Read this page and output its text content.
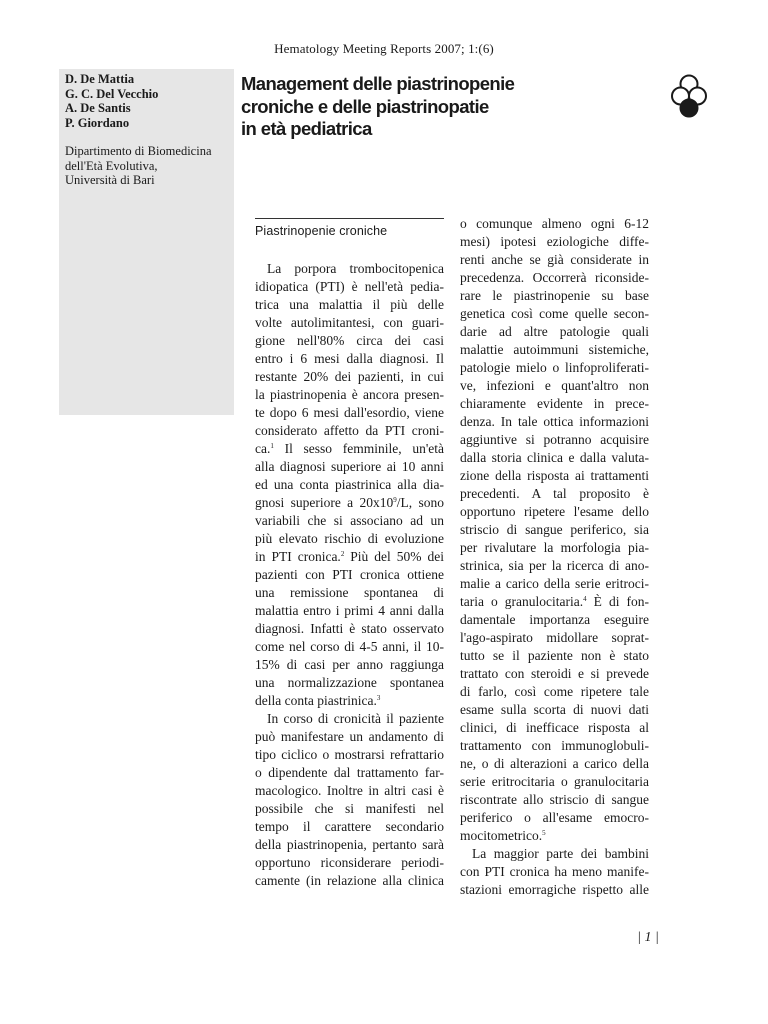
Hematology Meeting Reports 2007; 1:(6)
D. De Mattia
G. C. Del Vecchio
A. De Santis
P. Giordano
Dipartimento di Biomedicina
dell'Età Evolutiva,
Università di Bari
Management delle piastrinopenie
croniche e delle piastrinopatie
in età pediatrica
Piastrinopenie croniche
La porpora trombocitopenica
idiopatica (PTI) è nell'età pedia-
trica una malattia il più delle
volte autolimitantesi, con guari-
gione nell'80% circa dei casi
entro i 6 mesi dalla diagnosi. Il
restante 20% dei pazienti, in cui
la piastrinopenia è ancora presen-
te dopo 6 mesi dall'esordio, viene
considerato affetto da PTI croni-
ca.$^1$ Il sesso femminile, un'età
alla diagnosi superiore ai 10 anni
ed una conta piastrinica alla dia-
gnosi superiore a $20x10^9/L$, sono
variabili che si associano ad un
più elevato rischio di evoluzione
in PTI cronica.$^2$ Più del 50% dei
pazienti con PTI cronica ottiene
una remissione spontanea di
malattia entro i primi 4 anni dalla
diagnosi. Infatti è stato osservato
come nel corso di 4-5 anni, il 10-
15% di casi per anno raggiunga
una normalizzazione spontanea
della conta piastrinica.$^3$
In corso di cronicità il paziente
può manifestare un andamento di
tipo ciclico o mostrarsi refrattario
o dipendente dal trattamento far-
macologico. Inoltre in altri casi è
possibile che si manifesti nel
tempo il carattere secondario
della piastrinopenia, pertanto sarà
opportuno riconsiderare periodi-
camente (in relazione alla clinica
o comunque almeno ogni 6-12
mesi) ipotesi eziologiche diffe-
renti anche se già considerate in
precedenza. Occorrerà riconside-
rare le piastrinopenie su base
genetica così come quelle secon-
darie ad altre patologie quali
malattie autoimmuni sistemiche,
patologie mielo o linfoproliferati-
ve, infezioni e quant'altro non
chiaramente evidente in prece-
denza. In tale ottica informazioni
aggiuntive si potranno acquisire
dalla storia clinica e dalla valuta-
zione della risposta ai trattamenti
precedenti. A tal proposito è
opportuno ripetere l'esame dello
striscio di sangue periferico, sia
per rivalutare la morfologia pia-
strinica, sia per la ricerca di ano-
malie a carico della serie eritroci-
taria o granulocitaria.$^4$ È di fon-
damentale importanza eseguire
l'ago-aspirato midollare soprat-
tutto se il paziente non è stato
trattato con steroidi e si prevede
di farlo, così come ripetere tale
esame sulla scorta di nuovi dati
clinici, di inefficace risposta al
trattamento con immunoglobuli-
ne, o di alterazioni a carico della
serie eritrocitaria o granulocitaria
riscontrate allo striscio di sangue
periferico o all'esame emocro-
mocitometrico.$^5$
La maggior parte dei bambini
con PTI cronica ha meno manife-
stazioni emorragiche rispetto alle
| 1 |
